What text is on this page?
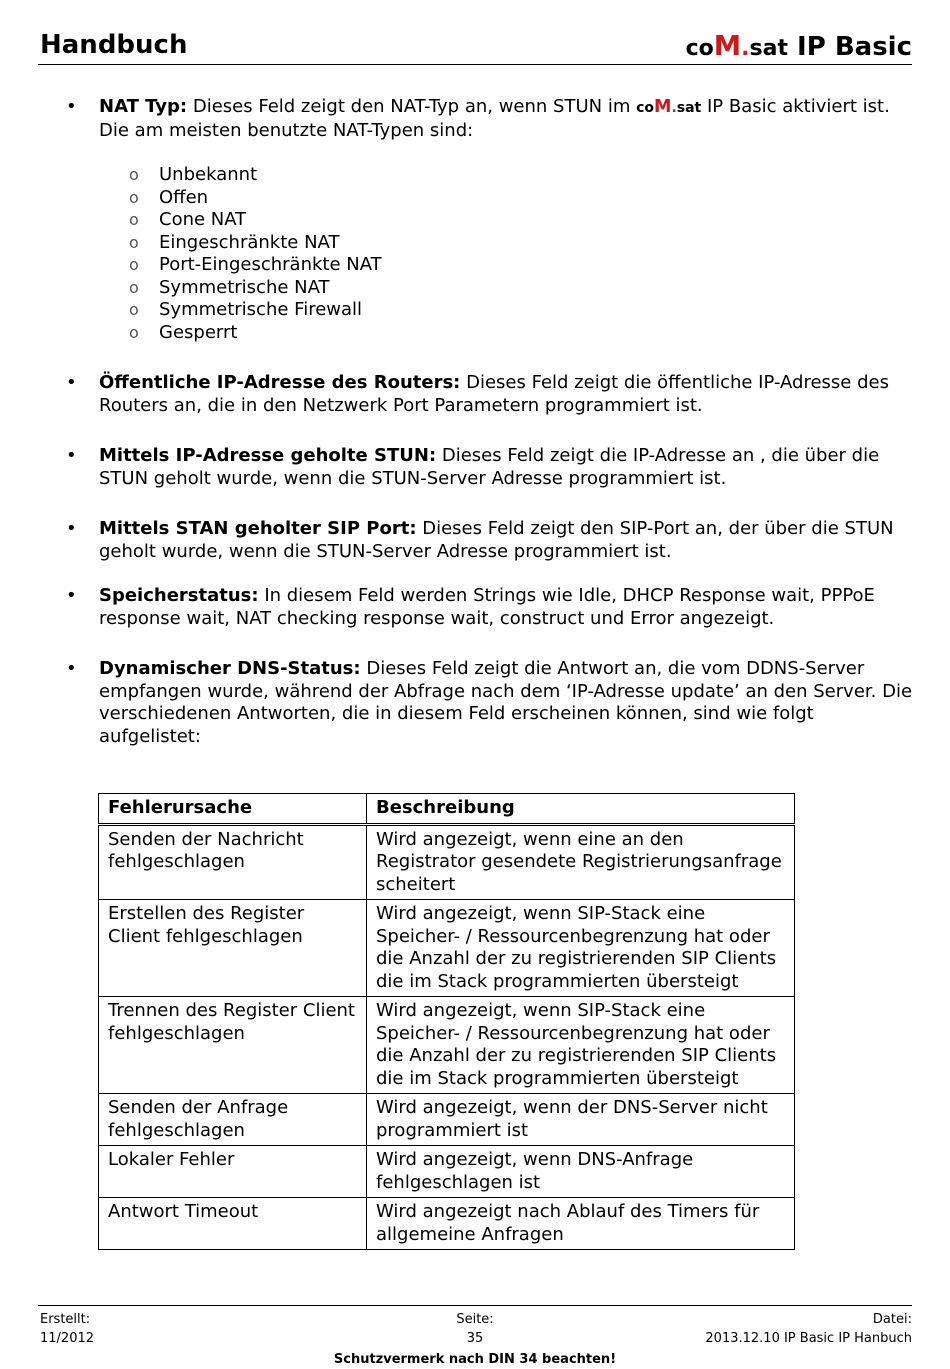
Handbuch	coM.sat IP Basic
• NAT Typ: Dieses Feld zeigt den NAT-Typ an, wenn STUN im coM.sat IP Basic aktiviert ist. Die am meisten benutzte NAT-Typen sind:
o Unbekannt
o Offen
o Cone NAT
o Eingeschränkte NAT
o Port-Eingeschränkte NAT
o Symmetrische NAT
o Symmetrische Firewall
o Gesperrt
• Öffentliche IP-Adresse des Routers: Dieses Feld zeigt die öffentliche IP-Adresse des Routers an, die in den Netzwerk Port Parametern programmiert ist.
• Mittels IP-Adresse geholte STUN: Dieses Feld zeigt die IP-Adresse an , die über die STUN geholt wurde, wenn die STUN-Server Adresse programmiert ist.
• Mittels STAN geholter SIP Port: Dieses Feld zeigt den SIP-Port an, der über die STUN geholt wurde, wenn die STUN-Server Adresse programmiert ist.
• Speicherstatus: In diesem Feld werden Strings wie Idle, DHCP Response wait, PPPoE response wait, NAT checking response wait, construct und Error angezeigt.
• Dynamischer DNS-Status: Dieses Feld zeigt die Antwort an, die vom DDNS-Server empfangen wurde, während der Abfrage nach dem ‘IP-Adresse update’ an den Server. Die verschiedenen Antworten, die in diesem Feld erscheinen können, sind wie folgt aufgelistet:
Fehlerursache	Beschreibung
Senden der Nachricht fehlgeschlagen	Wird angezeigt, wenn eine an den Registrator gesendete Registrierungsanfrage scheitert
Erstellen des Register Client fehlgeschlagen	Wird angezeigt, wenn SIP-Stack eine Speicher- / Ressourcenbegrenzung hat oder die Anzahl der zu registrierenden SIP Clients die im Stack programmierten übersteigt
Trennen des Register Client fehlgeschlagen	Wird angezeigt, wenn SIP-Stack eine Speicher- / Ressourcenbegrenzung hat oder die Anzahl der zu registrierenden SIP Clients die im Stack programmierten übersteigt
Senden der Anfrage fehlgeschlagen	Wird angezeigt, wenn der DNS-Server nicht programmiert ist
Lokaler Fehler	Wird angezeigt, wenn DNS-Anfrage fehlgeschlagen ist
Antwort Timeout	Wird angezeigt nach Ablauf des Timers für allgemeine Anfragen
Erstellt:
11/2012
Seite:
35
Datei:
2013.12.10 IP Basic IP Hanbuch
Schutzvermerk nach DIN 34 beachten!
